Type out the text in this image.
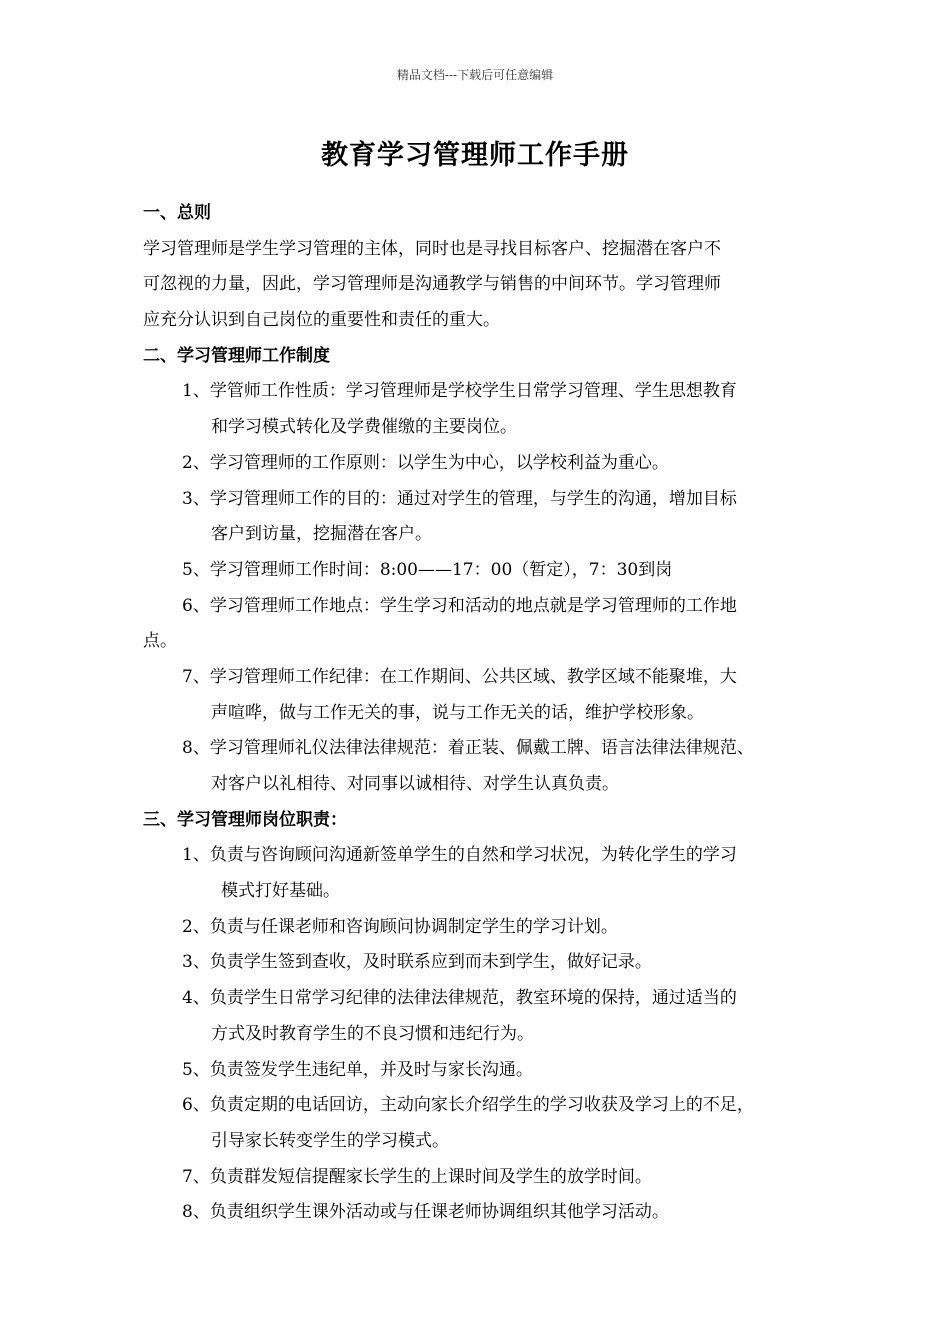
精品文档---下载后可任意编辑
教育学习管理师工作手册
一、总则
学习管理师是学生学习管理的主体，同时也是寻找目标客户、挖掘潜在客户不
可忽视的力量，因此，学习管理师是沟通教学与销售的中间环节。学习管理师
应充分认识到自己岗位的重要性和责任的重大。
二、学习管理师工作制度
1、学管师工作性质：学习管理师是学校学生日常学习管理、学生思想教育
和学习模式转化及学费催缴的主要岗位。
2、学习管理师的工作原则：以学生为中心，以学校利益为重心。
3、学习管理师工作的目的：通过对学生的管理，与学生的沟通，增加目标
客户到访量，挖掘潜在客户。
5、学习管理师工作时间：8:00——17：00（暂定），7：30到岗
6、学习管理师工作地点：学生学习和活动的地点就是学习管理师的工作地
点。
7、学习管理师工作纪律：在工作期间、公共区域、教学区域不能聚堆，大
声喧哗，做与工作无关的事，说与工作无关的话，维护学校形象。
8、学习管理师礼仪法律法律规范：着正装、佩戴工牌、语言法律法律规范、
对客户以礼相待、对同事以诚相待、对学生认真负责。
三、学习管理师岗位职责：
1、负责与咨询顾问沟通新签单学生的自然和学习状况，为转化学生的学习
模式打好基础。
2、负责与任课老师和咨询顾问协调制定学生的学习计划。
3、负责学生签到查收，及时联系应到而未到学生，做好记录。
4、负责学生日常学习纪律的法律法律规范，教室环境的保持，通过适当的
方式及时教育学生的不良习惯和违纪行为。
5、负责签发学生违纪单，并及时与家长沟通。
6、负责定期的电话回访，主动向家长介绍学生的学习收获及学习上的不足，
引导家长转变学生的学习模式。
7、负责群发短信提醒家长学生的上课时间及学生的放学时间。
8、负责组织学生课外活动或与任课老师协调组织其他学习活动。
